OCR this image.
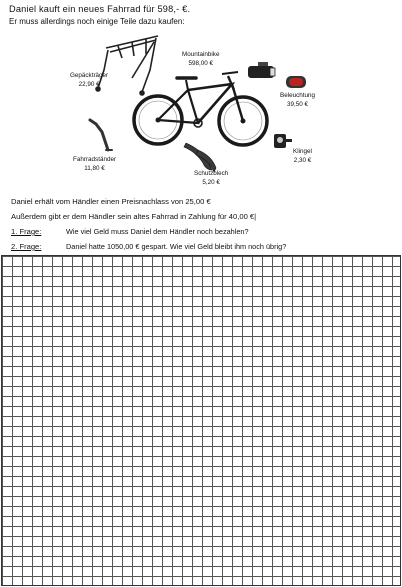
Daniel kauft ein neues Fahrrad für 598,- €.
Er muss allerdings noch einige Teile dazu kaufen:
Gepäckträger
22,90 €
Mountainbike
598,00 €
Beleuchtung
39,50 €
Klingel
2,30 €
Fahrradständer
11,80 €
Schutzblech
5,20 €
Daniel erhält vom Händler einen Preisnachlass von 25,00 €
Außerdem gibt er dem Händler sein altes Fahrrad in Zahlung für 40,00 €|
1. Frage:	Wie viel Geld muss Daniel dem Händler noch bezahlen?
2. Frage:	Daniel hatte 1050,00 € gespart. Wie viel Geld bleibt ihm noch übrig?
